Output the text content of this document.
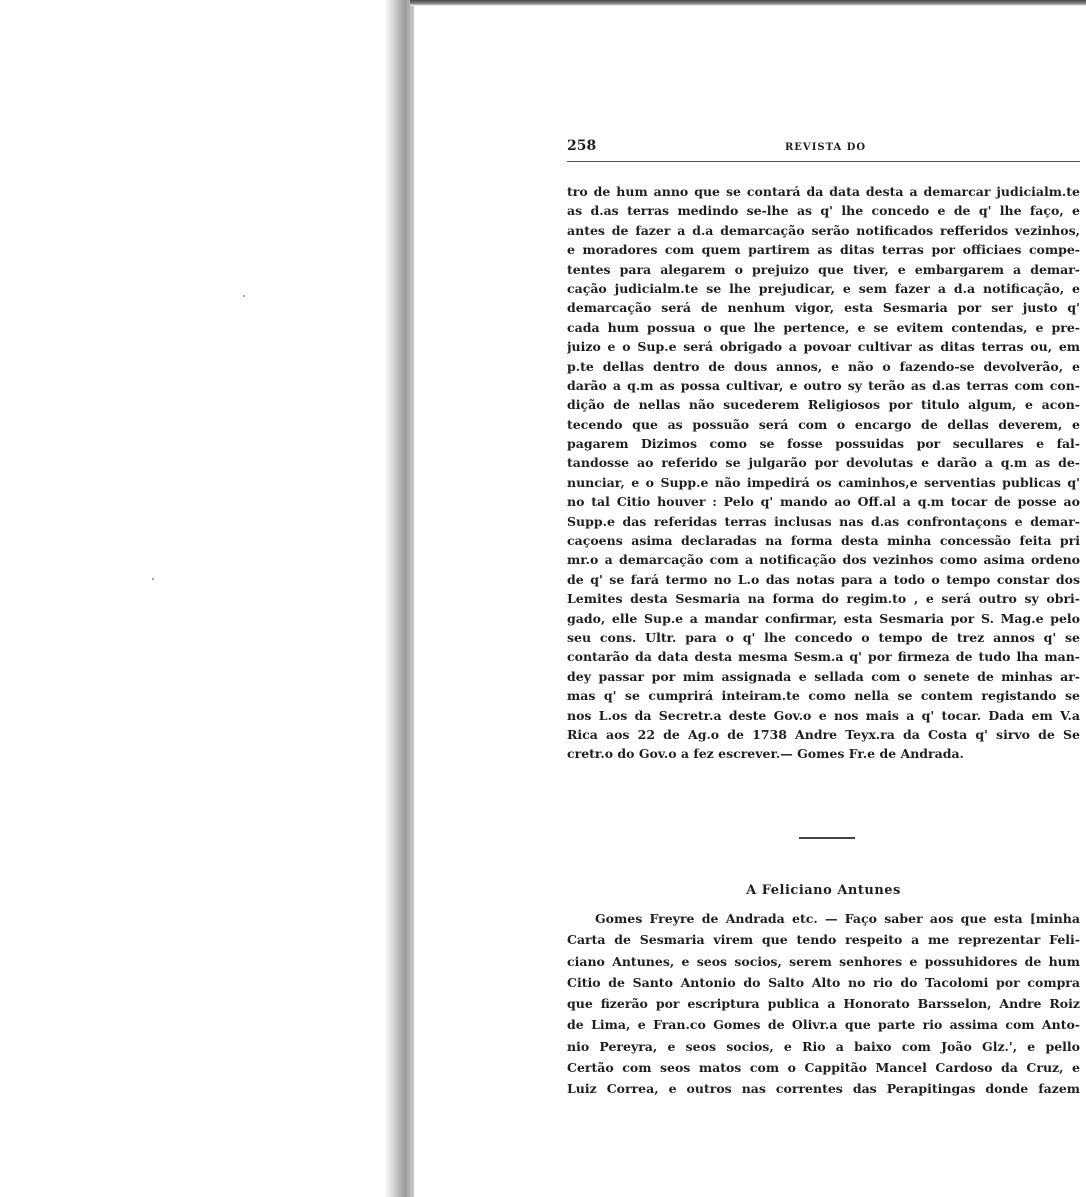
258	REVISTA DO
tro de hum anno que se contará da data desta a demarcar judicialm.te
as d.as terras medindo se-lhe as q' lhe concedo e de q' lhe faço, e
antes de fazer a d.a demarcação serão notificados refferidos vezinhos,
e moradores com quem partirem as ditas terras por officiaes compe-
tentes para alegarem o prejuizo que tiver, e embargarem a demar-
cação judicialm.te se lhe prejudicar, e sem fazer a d.a notificação, e
demarcação será de nenhum vigor, esta Sesmaria por ser justo q'
cada hum possua o que lhe pertence, e se evitem contendas, e pre-
juizo e o Sup.e será obrigado a povoar cultivar as ditas terras ou, em
p.te dellas dentro de dous annos, e não o fazendo-se devolverão, e
darão a q.m as possa cultivar, e outro sy terão as d.as terras com con-
dição de nellas não sucederem Religiosos por titulo algum, e acon-
tecendo que as possuão será com o encargo de dellas deverem, e
pagarem Dizimos como se fosse possuidas por secullares e fal-
tandosse ao referido se julgarão por devolutas e darão a q.m as de-
nunciar, e o Supp.e não impedirá os caminhos,e serventias publicas q'
no tal Citio houver : Pelo q' mando ao Off.al a q.m tocar de posse ao
Supp.e das referidas terras inclusas nas d.as confrontaçons e demar-
caçoens asima declaradas na forma desta minha concessão feita pri
mr.o a demarcação com a notificação dos vezinhos como asima ordeno
de q' se fará termo no L.o das notas para a todo o tempo constar dos
Lemites desta Sesmaria na forma do regim.to , e será outro sy obri-
gado, elle Sup.e a mandar confirmar, esta Sesmaria por S. Mag.e pelo
seu cons. Ultr. para o q' lhe concedo o tempo de trez annos q' se
contarão da data desta mesma Sesm.a q' por firmeza de tudo lha man-
dey passar por mim assignada e sellada com o senete de minhas ar-
mas q' se cumprirá inteiram.te como nella se contem registando se
nos L.os da Secretr.a deste Gov.o e nos mais a q' tocar. Dada em V.a
Rica aos 22 de Ag.o de 1738 Andre Teyx.ra da Costa q' sirvo de Se
cretr.o do Gov.o a fez escrever.— Gomes Fr.e de Andrada.
A Feliciano Antunes
Gomes Freyre de Andrada etc. — Faço saber aos que esta [minha
Carta de Sesmaria virem que tendo respeito a me reprezentar Feli-
ciano Antunes, e seos socios, serem senhores e possuhidores de hum
Citio de Santo Antonio do Salto Alto no rio do Tacolomi por compra
que fizerão por escriptura publica a Honorato Barsselon, Andre Roiz
de Lima, e Fran.co Gomes de Olivr.a que parte rio assima com Anto-
nio Pereyra, e seos socios, e Rio a baixo com João Glz.', e pello
Certão com seos matos com o Cappitão Mancel Cardoso da Cruz, e
Luiz Correa, e outros nas correntes das Perapitingas donde fazem
